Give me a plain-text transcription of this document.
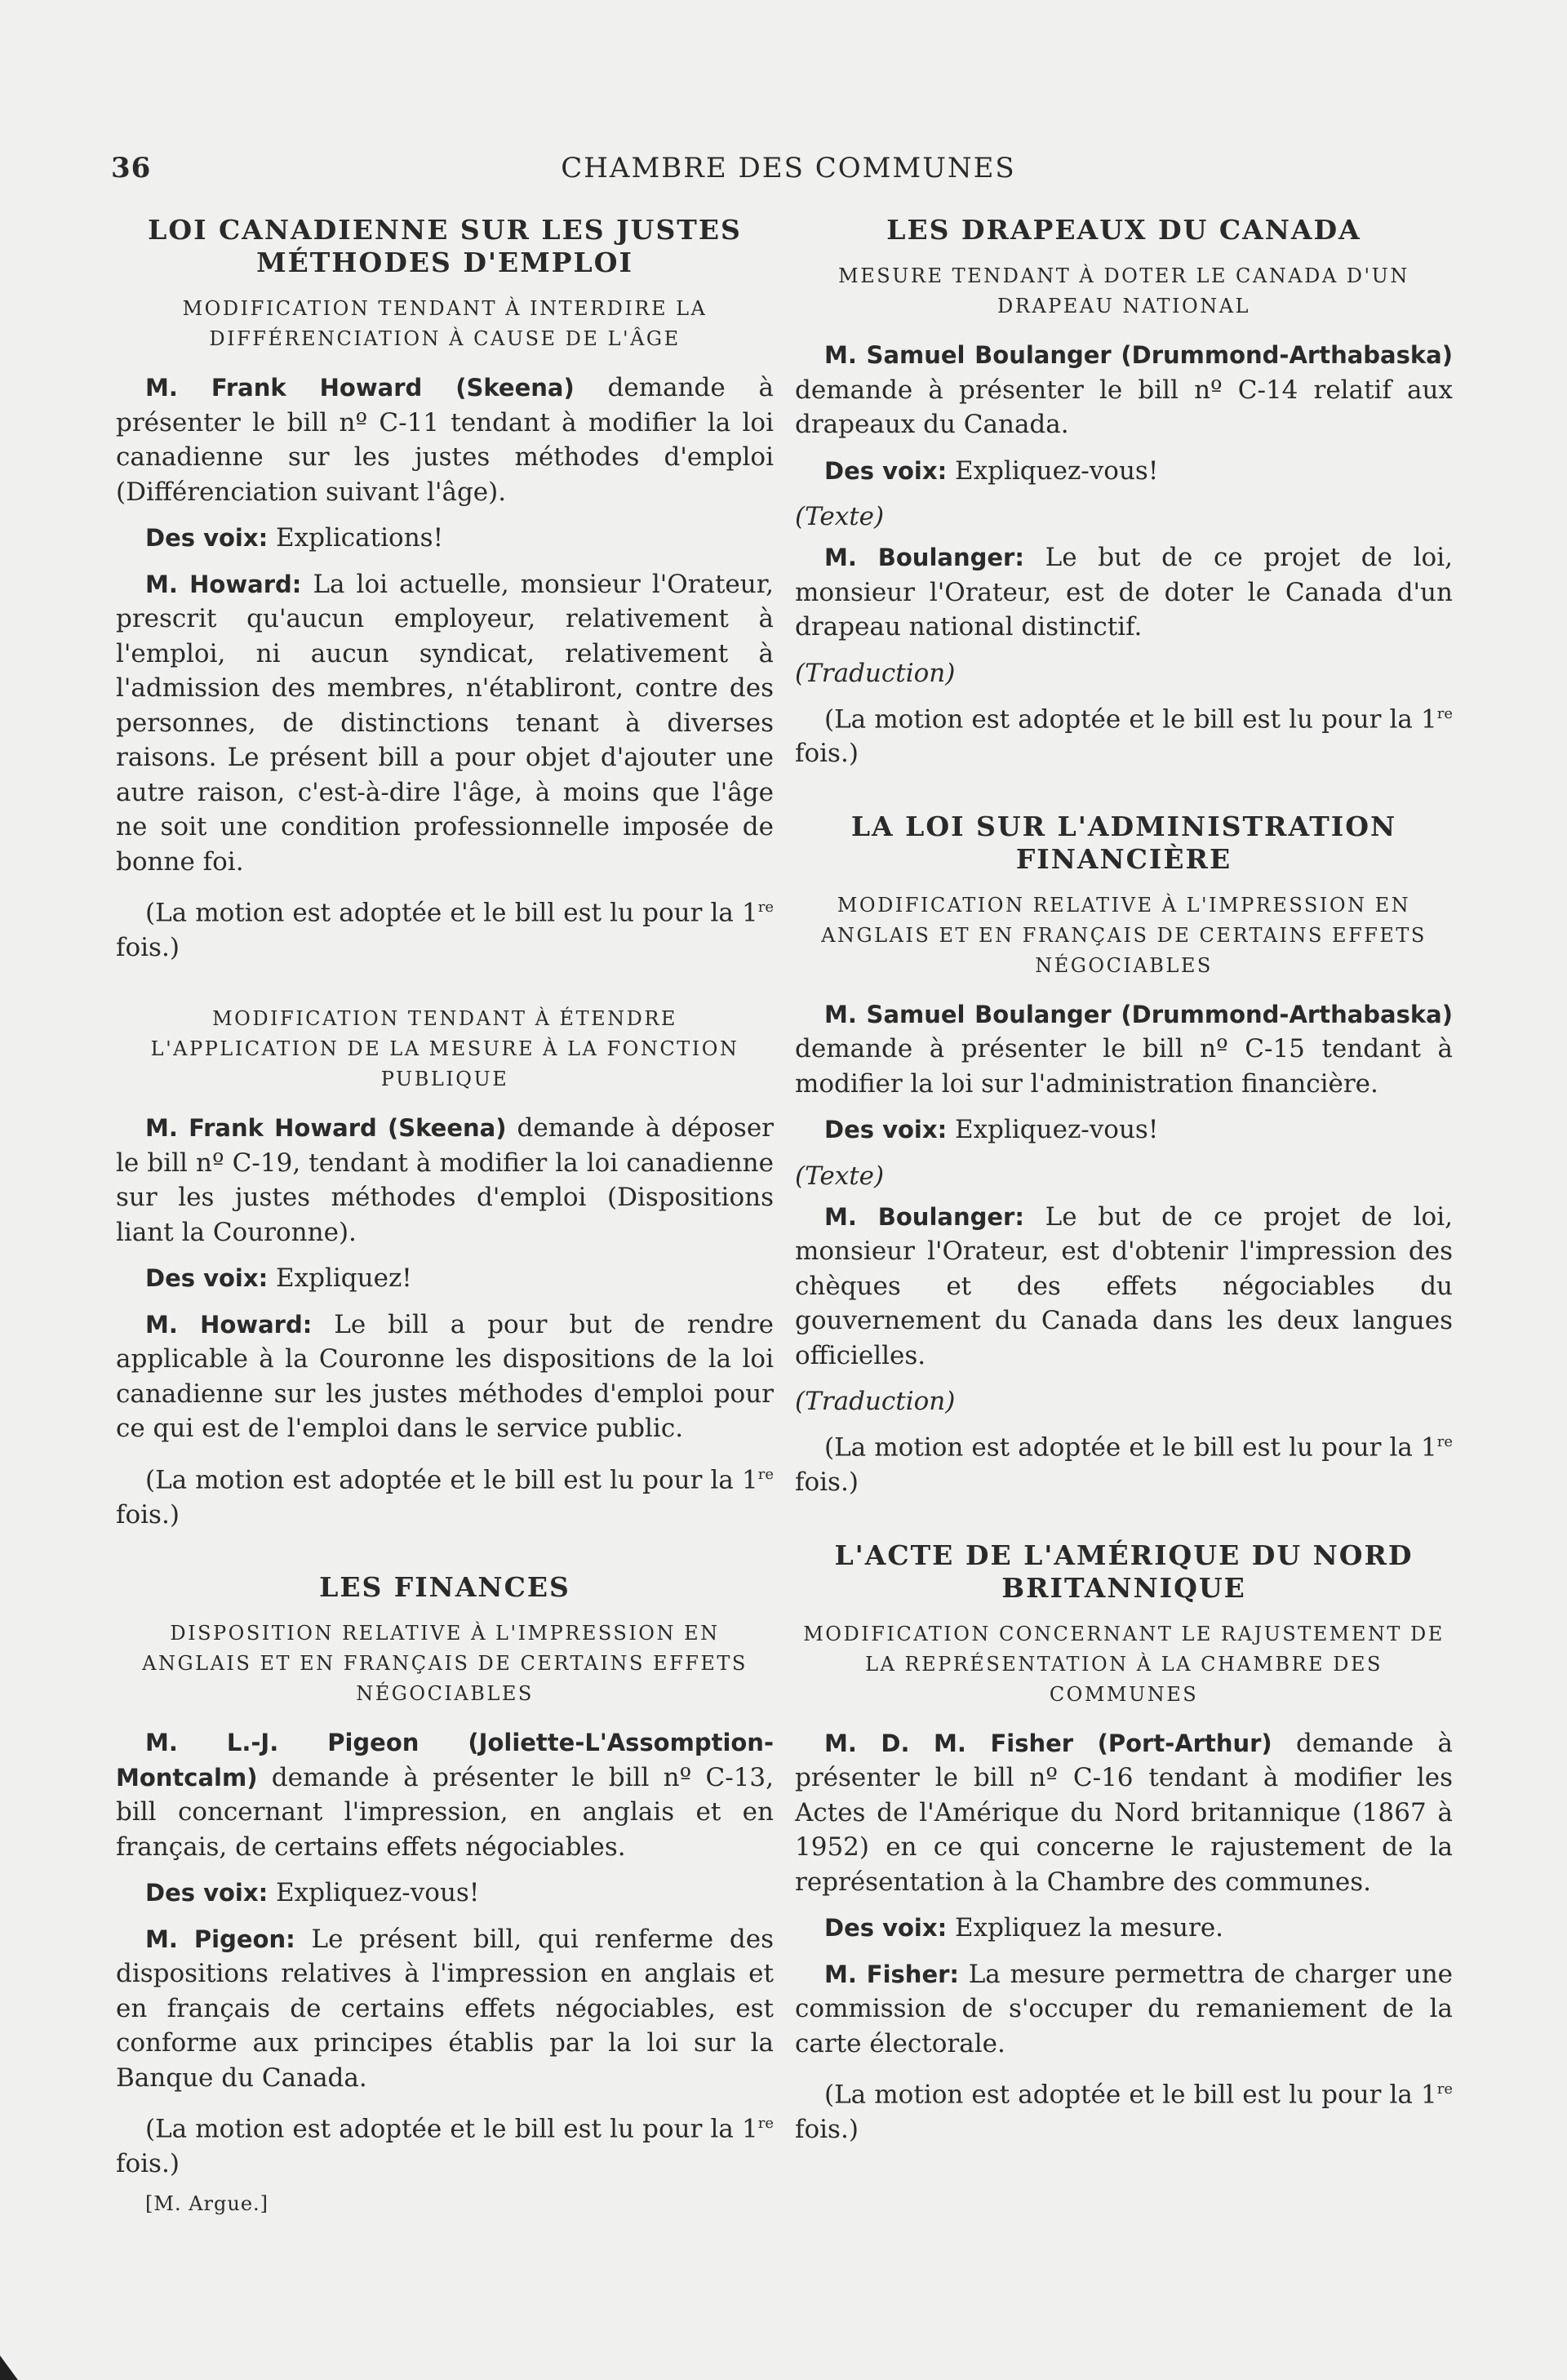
36	CHAMBRE DES COMMUNES

LOI CANADIENNE SUR LES JUSTES MÉTHODES D'EMPLOI

MODIFICATION TENDANT À INTERDIRE LA DIFFÉRENCIATION À CAUSE DE L'ÂGE

M. Frank Howard (Skeena) demande à présenter le bill nº C-11 tendant à modifier la loi canadienne sur les justes méthodes d'emploi (Différenciation suivant l'âge).

Des voix: Explications!

M. Howard: La loi actuelle, monsieur l'Orateur, prescrit qu'aucun employeur, relativement à l'emploi, ni aucun syndicat, relativement à l'admission des membres, n'établiront, contre des personnes, de distinctions tenant à diverses raisons. Le présent bill a pour objet d'ajouter une autre raison, c'est-à-dire l'âge, à moins que l'âge ne soit une condition professionnelle imposée de bonne foi.

(La motion est adoptée et le bill est lu pour la 1re fois.)

MODIFICATION TENDANT À ÉTENDRE L'APPLICATION DE LA MESURE À LA FONCTION PUBLIQUE

M. Frank Howard (Skeena) demande à déposer le bill nº C-19, tendant à modifier la loi canadienne sur les justes méthodes d'emploi (Dispositions liant la Couronne).

Des voix: Expliquez!

M. Howard: Le bill a pour but de rendre applicable à la Couronne les dispositions de la loi canadienne sur les justes méthodes d'emploi pour ce qui est de l'emploi dans le service public.

(La motion est adoptée et le bill est lu pour la 1re fois.)

LES FINANCES

DISPOSITION RELATIVE À L'IMPRESSION EN ANGLAIS ET EN FRANÇAIS DE CERTAINS EFFETS NÉGOCIABLES

M. L.-J. Pigeon (Joliette-L'Assomption-Montcalm) demande à présenter le bill nº C-13, bill concernant l'impression, en anglais et en français, de certains effets négociables.

Des voix: Expliquez-vous!

M. Pigeon: Le présent bill, qui renferme des dispositions relatives à l'impression en anglais et en français de certains effets négociables, est conforme aux principes établis par la loi sur la Banque du Canada.

(La motion est adoptée et le bill est lu pour la 1re fois.)

[M. Argue.]

LES DRAPEAUX DU CANADA

MESURE TENDANT À DOTER LE CANADA D'UN DRAPEAU NATIONAL

M. Samuel Boulanger (Drummond-Arthabaska) demande à présenter le bill nº C-14 relatif aux drapeaux du Canada.

Des voix: Expliquez-vous!

(Texte)

M. Boulanger: Le but de ce projet de loi, monsieur l'Orateur, est de doter le Canada d'un drapeau national distinctif.

(Traduction)

(La motion est adoptée et le bill est lu pour la 1re fois.)

LA LOI SUR L'ADMINISTRATION FINANCIÈRE

MODIFICATION RELATIVE À L'IMPRESSION EN ANGLAIS ET EN FRANÇAIS DE CERTAINS EFFETS NÉGOCIABLES

M. Samuel Boulanger (Drummond-Arthabaska) demande à présenter le bill nº C-15 tendant à modifier la loi sur l'administration financière.

Des voix: Expliquez-vous!

(Texte)

M. Boulanger: Le but de ce projet de loi, monsieur l'Orateur, est d'obtenir l'impression des chèques et des effets négociables du gouvernement du Canada dans les deux langues officielles.

(Traduction)

(La motion est adoptée et le bill est lu pour la 1re fois.)

L'ACTE DE L'AMÉRIQUE DU NORD BRITANNIQUE

MODIFICATION CONCERNANT LE RAJUSTEMENT DE LA REPRÉSENTATION À LA CHAMBRE DES COMMUNES

M. D. M. Fisher (Port-Arthur) demande à présenter le bill nº C-16 tendant à modifier les Actes de l'Amérique du Nord britannique (1867 à 1952) en ce qui concerne le rajustement de la représentation à la Chambre des communes.

Des voix: Expliquez la mesure.

M. Fisher: La mesure permettra de charger une commission de s'occuper du remaniement de la carte électorale.

(La motion est adoptée et le bill est lu pour la 1re fois.)
